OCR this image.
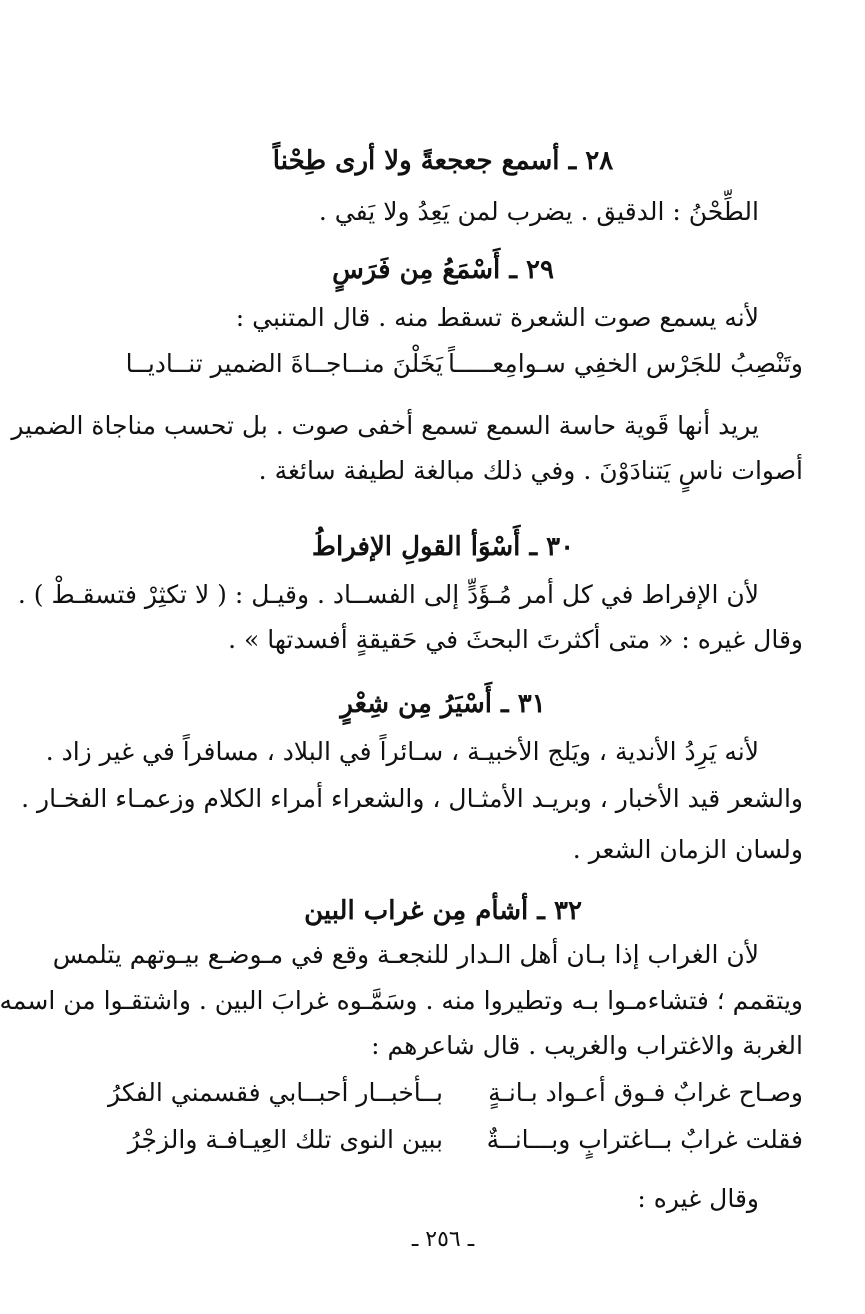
٢٨ ـ أسمع جعجعةً ولا أرى طِحْناً
الطِّحْنُ : الدقيق . يضرب لمن يَعِدُ ولا يَفي .
٢٩ ـ أَسْمَعُ مِن فَرَسٍ
لأنه يسمع صوت الشعرة تسقط منه . قال المتنبي :
وتَنْصِبُ للجَرْس الخفِي سـوامِعـــــاً
يَخَلْنَ منــاجــاةَ الضمير تنــاديــا
يريد أنها قَوية حاسة السمع تسمع أخفى صوت . بل تحسب مناجاة الضمير
أصوات ناسٍ يَتنادَوْنَ . وفي ذلك مبالغة لطيفة سائغة .
٣٠ ـ أَسْوَأ القولِ الإفراطُ
لأن الإفراط في كل أمر مُـؤَدٍّ إلى الفســاد . وقيـل : ( لا تكثِرْ فتسقـطْ ) .
وقال غيره : « متى أكثرتَ البحثَ في حَقيقةٍ أفسدتها » .
٣١ ـ أَسْيَرُ مِن شِعْرٍ
لأنه يَرِدُ الأندية ، ويَلج الأخبيـة ، سـائراً في البلاد ، مسافراً في غير زاد .
والشعر قيد الأخبار ، وبريـد الأمثـال ، والشعراء أمراء الكلام وزعمـاء الفخـار .
ولسان الزمان الشعر .
٣٢ ـ أشأم مِن غراب البين
لأن الغراب إذا بـان أهل الـدار للنجعـة وقع في مـوضـع بيـوتهم يتلمس
ويتقمم ؛ فتشاءمـوا بـه وتطيروا منه . وسَمَّـوه غرابَ البين . واشتقـوا من اسمه
الغربة والاغتراب والغريب . قال شاعرهم :
وصـاح غرابٌ فـوق أعـواد بـانـةٍ
بــأخبــار أحبــابي فقسمني الفكرُ
فقلت غرابٌ بــاغترابٍ وبـــانــةٌ
ببين النوى تلك العِيـافـة والزجْرُ
وقال غيره :
ـ ٢٥٦ ـ
